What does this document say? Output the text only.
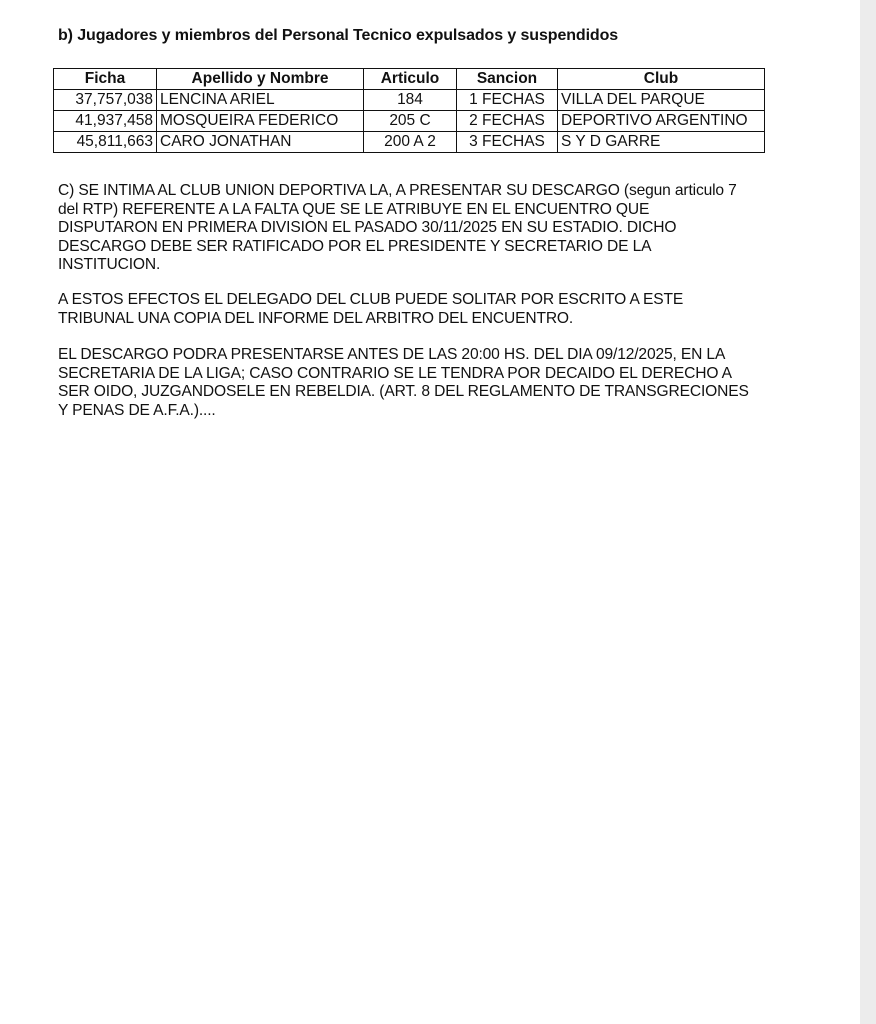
b) Jugadores y miembros del Personal Tecnico expulsados y suspendidos
Ficha	Apellido y Nombre	Articulo	Sancion	Club
37,757,038	LENCINA ARIEL	184	1 FECHAS	VILLA DEL PARQUE
41,937,458	MOSQUEIRA FEDERICO	205 C	2 FECHAS	DEPORTIVO ARGENTINO
45,811,663	CARO JONATHAN	200 A 2	3 FECHAS	S Y D GARRE
C) SE INTIMA AL CLUB UNION DEPORTIVA LA, A PRESENTAR SU DESCARGO (segun articulo 7
del RTP) REFERENTE A LA FALTA QUE SE LE ATRIBUYE EN EL ENCUENTRO QUE
DISPUTARON EN PRIMERA DIVISION EL PASADO 30/11/2025 EN SU ESTADIO. DICHO
DESCARGO DEBE SER RATIFICADO POR EL PRESIDENTE Y SECRETARIO DE LA
INSTITUCION.
A ESTOS EFECTOS EL DELEGADO DEL CLUB PUEDE SOLITAR POR ESCRITO A ESTE
TRIBUNAL UNA COPIA DEL INFORME DEL ARBITRO DEL ENCUENTRO.
EL DESCARGO PODRA PRESENTARSE ANTES DE LAS 20:00 HS. DEL DIA 09/12/2025, EN LA
SECRETARIA DE LA LIGA; CASO CONTRARIO SE LE TENDRA POR DECAIDO EL DERECHO A
SER OIDO, JUZGANDOSELE EN REBELDIA. (ART. 8 DEL REGLAMENTO DE TRANSGRECIONES
Y PENAS DE A.F.A.)....
